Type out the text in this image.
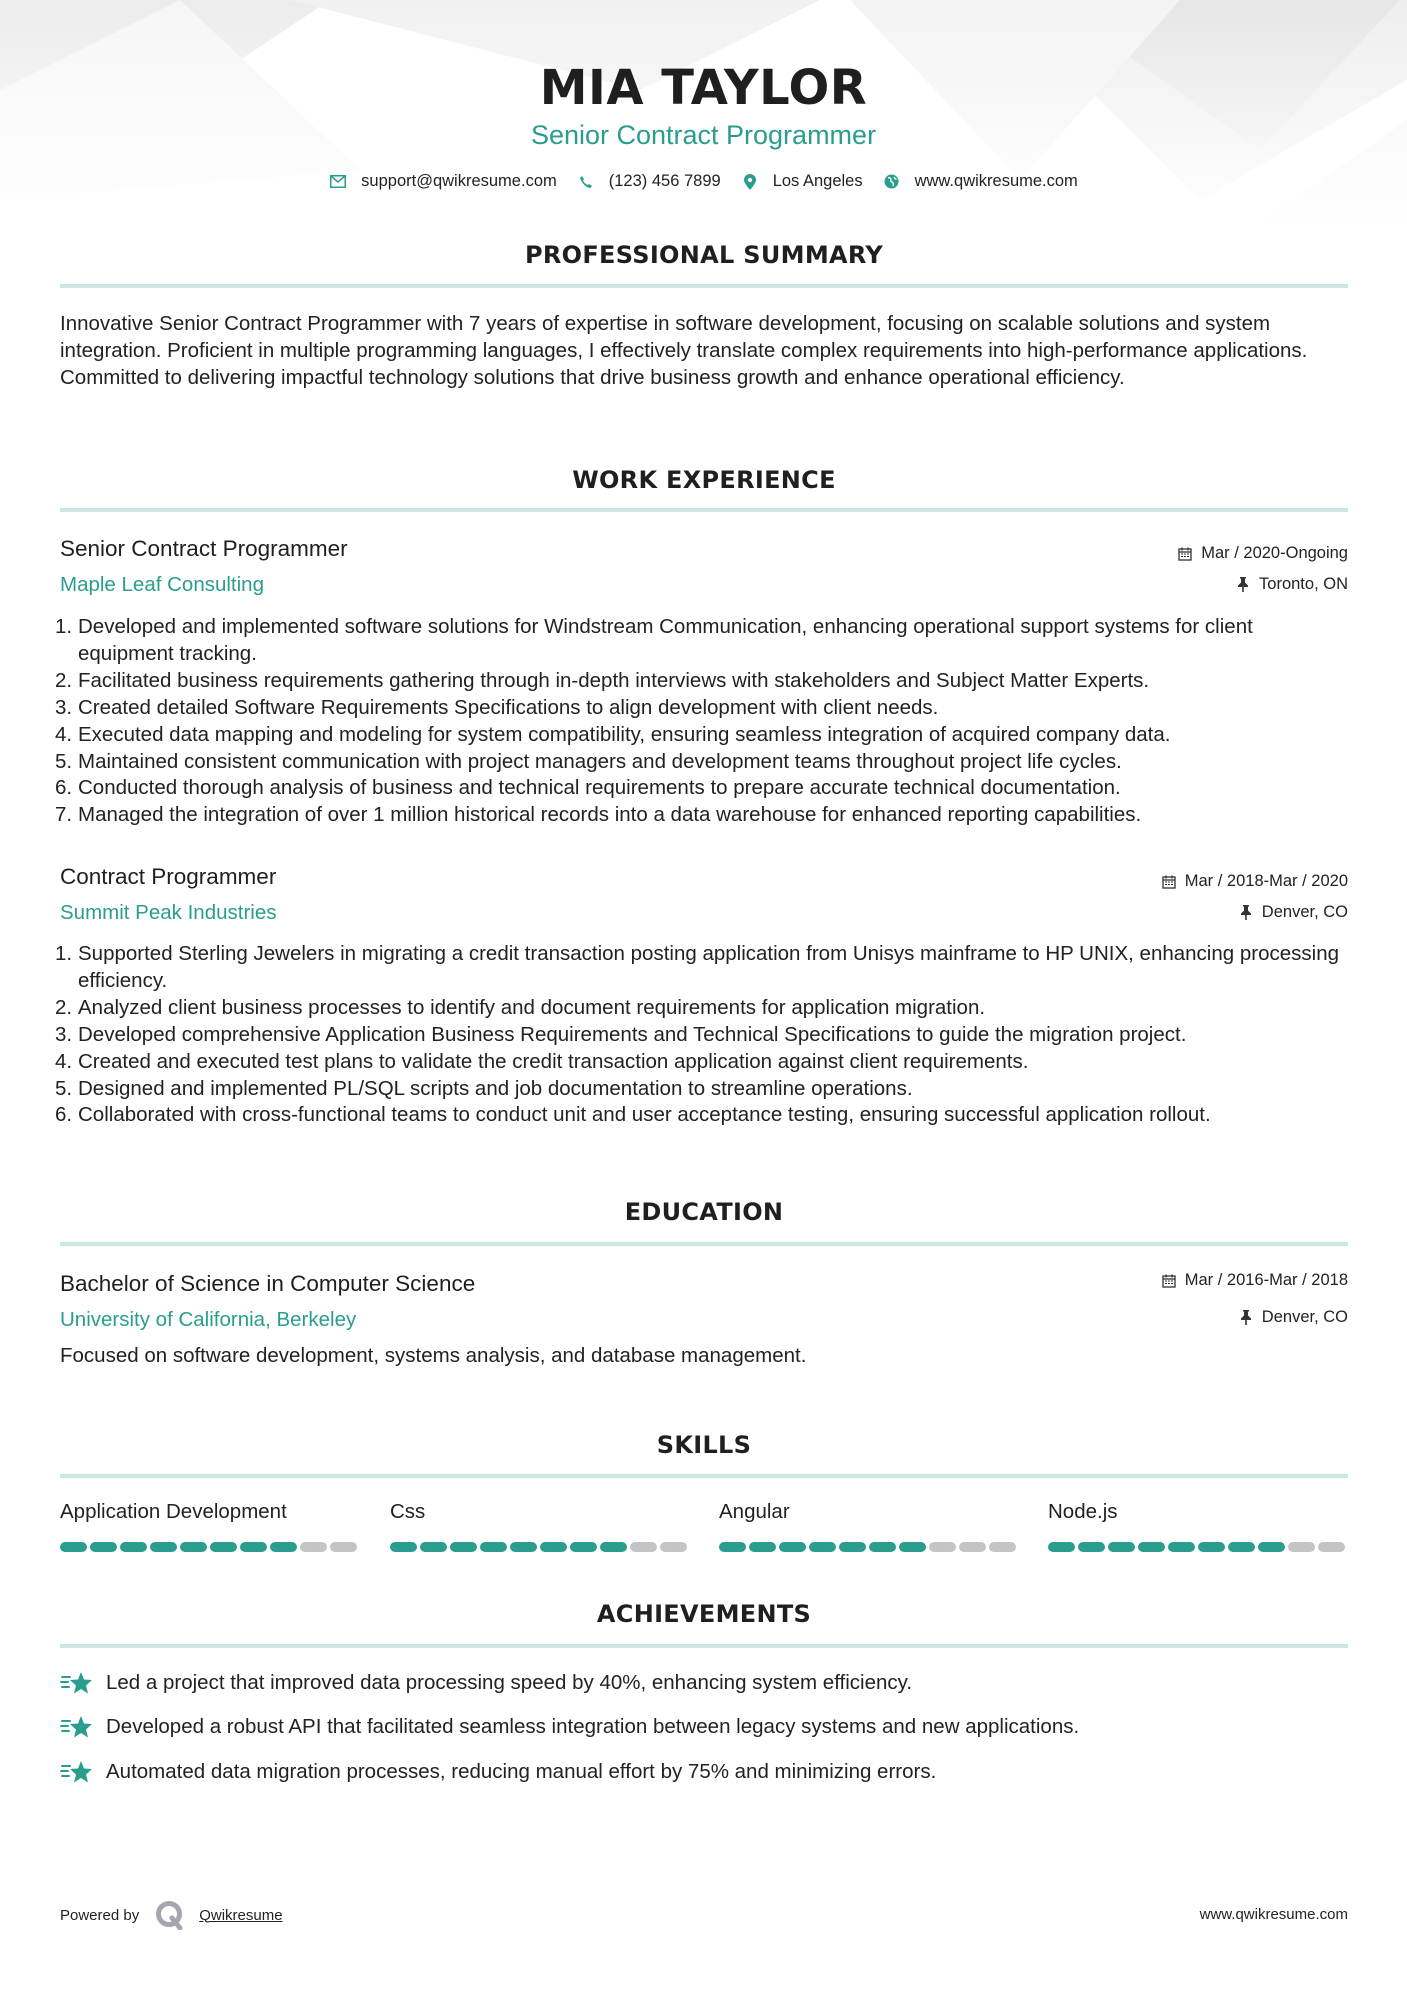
MIA TAYLOR
Senior Contract Programmer
support@qwikresume.com	(123) 456 7899	Los Angeles	www.qwikresume.com
PROFESSIONAL SUMMARY
Innovative Senior Contract Programmer with 7 years of expertise in software development, focusing on scalable solutions and system integration. Proficient in multiple programming languages, I effectively translate complex requirements into high-performance applications. Committed to delivering impactful technology solutions that drive business growth and enhance operational efficiency.
WORK EXPERIENCE
Senior Contract Programmer
Maple Leaf Consulting
Mar / 2020-Ongoing
Toronto, ON
1. Developed and implemented software solutions for Windstream Communication, enhancing operational support systems for client equipment tracking.
2. Facilitated business requirements gathering through in-depth interviews with stakeholders and Subject Matter Experts.
3. Created detailed Software Requirements Specifications to align development with client needs.
4. Executed data mapping and modeling for system compatibility, ensuring seamless integration of acquired company data.
5. Maintained consistent communication with project managers and development teams throughout project life cycles.
6. Conducted thorough analysis of business and technical requirements to prepare accurate technical documentation.
7. Managed the integration of over 1 million historical records into a data warehouse for enhanced reporting capabilities.
Contract Programmer
Summit Peak Industries
Mar / 2018-Mar / 2020
Denver, CO
1. Supported Sterling Jewelers in migrating a credit transaction posting application from Unisys mainframe to HP UNIX, enhancing processing efficiency.
2. Analyzed client business processes to identify and document requirements for application migration.
3. Developed comprehensive Application Business Requirements and Technical Specifications to guide the migration project.
4. Created and executed test plans to validate the credit transaction application against client requirements.
5. Designed and implemented PL/SQL scripts and job documentation to streamline operations.
6. Collaborated with cross-functional teams to conduct unit and user acceptance testing, ensuring successful application rollout.
EDUCATION
Bachelor of Science in Computer Science
University of California, Berkeley
Mar / 2016-Mar / 2018
Denver, CO
Focused on software development, systems analysis, and database management.
SKILLS
Application Development	Css	Angular	Node.js
ACHIEVEMENTS
Led a project that improved data processing speed by 40%, enhancing system efficiency.
Developed a robust API that facilitated seamless integration between legacy systems and new applications.
Automated data migration processes, reducing manual effort by 75% and minimizing errors.
Powered by	Qwikresume	www.qwikresume.com
